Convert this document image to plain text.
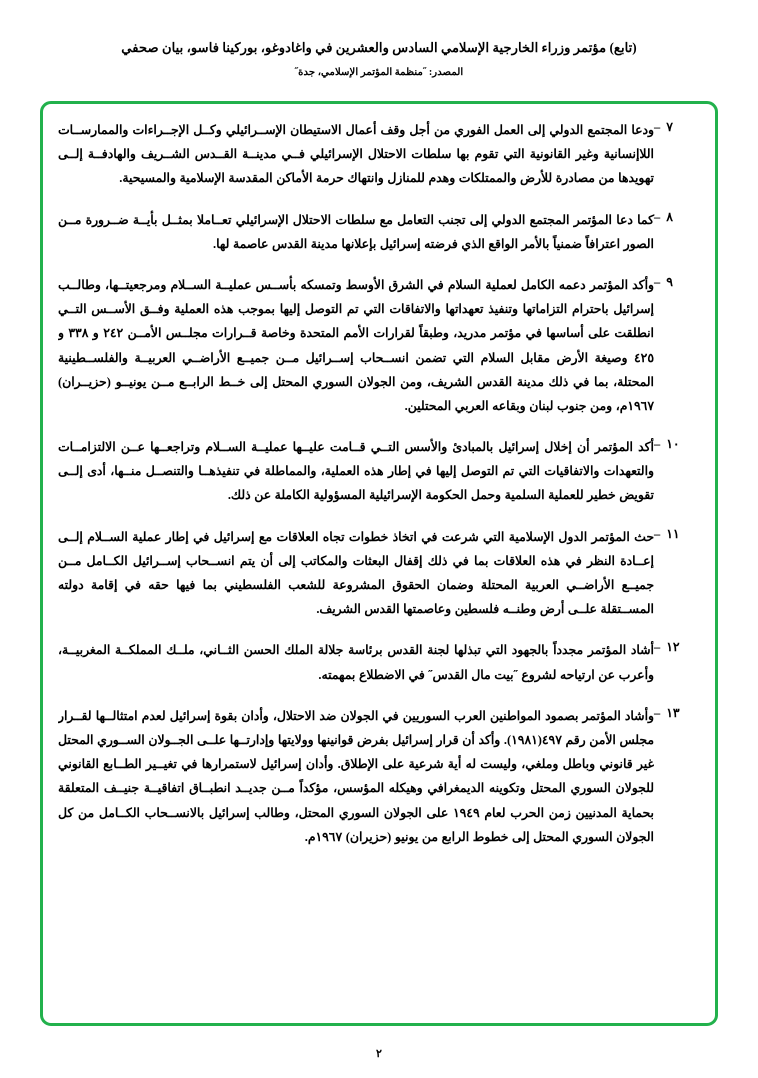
(تابع) مؤتمر وزراء الخارجية الإسلامي السادس والعشرين في واغادوغو، بوركينا فاسو، بيان صحفي
المصدر: ˝منظمة المؤتمر الإسلامي، جدة˝
٧–
ودعا المجتمع الدولي إلى العمل الفوري من أجل وقف أعمال الاستيطان الإســرائيلي وكــل الإجــراءات والممارســات اللاإنسانية وغير القانونية التي تقوم بها سلطات الاحتلال الإسرائيلي فــي مدينــة القــدس الشــريف والهادفــة إلــى تهويدها من مصادرة للأرض والممتلكات وهدم للمنازل وانتهاك حرمة الأماكن المقدسة الإسلامية والمسيحية.
٨–
كما دعا المؤتمر المجتمع الدولي إلى تجنب التعامل مع سلطات الاحتلال الإسرائيلي تعــاملا بمثــل بأيــة ضــرورة مــن الصور اعترافاً ضمنياً بالأمر الواقع الذي فرضته إسرائيل بإعلانها مدينة القدس عاصمة لها.
٩–
وأكد المؤتمر دعمه الكامل لعملية السلام في الشرق الأوسط وتمسكه بأســس عمليــة الســلام ومرجعيتــها، وطالــب إسرائيل باحترام التزاماتها وتنفيذ تعهداتها والاتفاقات التي تم التوصل إليها بموجب هذه العملية وفــق الأســس التــي انطلقت على أساسها في مؤتمر مدريد، وطبقاً لقرارات الأمم المتحدة وخاصة قــرارات مجلــس الأمــن ٢٤٢ و ٣٣٨ و ٤٢٥ وصيغة الأرض مقابل السلام التي تضمن انســحاب إســرائيل مــن جميــع الأراضــي العربيــة والفلســطينية المحتلة، بما في ذلك مدينة القدس الشريف، ومن الجولان السوري المحتل إلى خــط الرابــع مــن يونيــو (حزيــران) ١٩٦٧م، ومن جنوب لبنان وبقاعه العربي المحتلين.
١٠–
أكد المؤتمر أن إخلال إسرائيل بالمبادئ والأسس التــي قــامت عليــها عمليــة الســلام وتراجعــها عــن الالتزامــات والتعهدات والاتفاقيات التي تم التوصل إليها في إطار هذه العملية، والمماطلة في تنفيذهــا والتنصــل منــها، أدى إلــى تقويض خطير للعملية السلمية وحمل الحكومة الإسرائيلية المسؤولية الكاملة عن ذلك.
١١–
حث المؤتمر الدول الإسلامية التي شرعت في اتخاذ خطوات تجاه العلاقات مع إسرائيل في إطار عملية الســلام إلــى إعــادة النظر في هذه العلاقات بما في ذلك إقفال البعثات والمكاتب إلى أن يتم انســحاب إســرائيل الكــامل مــن جميــع الأراضــي العربية المحتلة وضمان الحقوق المشروعة للشعب الفلسطيني بما فيها حقه في إقامة دولته المســتقلة علــى أرض وطنــه فلسطين وعاصمتها القدس الشريف.
١٢–
أشاد المؤتمر مجدداً بالجهود التي تبذلها لجنة القدس برئاسة جلالة الملك الحسن الثــاني، ملــك المملكــة المغربيــة، وأعرب عن ارتياحه لشروع ˝بيت مال القدس˝ في الاضطلاع بمهمته.
١٣–
وأشاد المؤتمر بصمود المواطنين العرب السوريين في الجولان ضد الاحتلال، وأدان بقوة إسرائيل لعدم امتثالــها لقــرار مجلس الأمن رقم ٤٩٧(١٩٨١). وأكد أن قرار إسرائيل بفرض قوانينها وولايتها وإدارتــها علــى الجــولان الســوري المحتل غير قانوني وباطل وملغي، وليست له أية شرعية على الإطلاق. وأدان إسرائيل لاستمرارها في تغيــير الطــابع القانوني للجولان السوري المحتل وتكوينه الديمغرافي وهيكله المؤسس، مؤكداً مــن جديــد انطبــاق اتفاقيــة جنيــف المتعلقة بحماية المدنيين زمن الحرب لعام ١٩٤٩ على الجولان السوري المحتل، وطالب إسرائيل بالانســحاب الكــامل من كل الجولان السوري المحتل إلى خطوط الرابع من يونيو (حزيران) ١٩٦٧م.
٢
